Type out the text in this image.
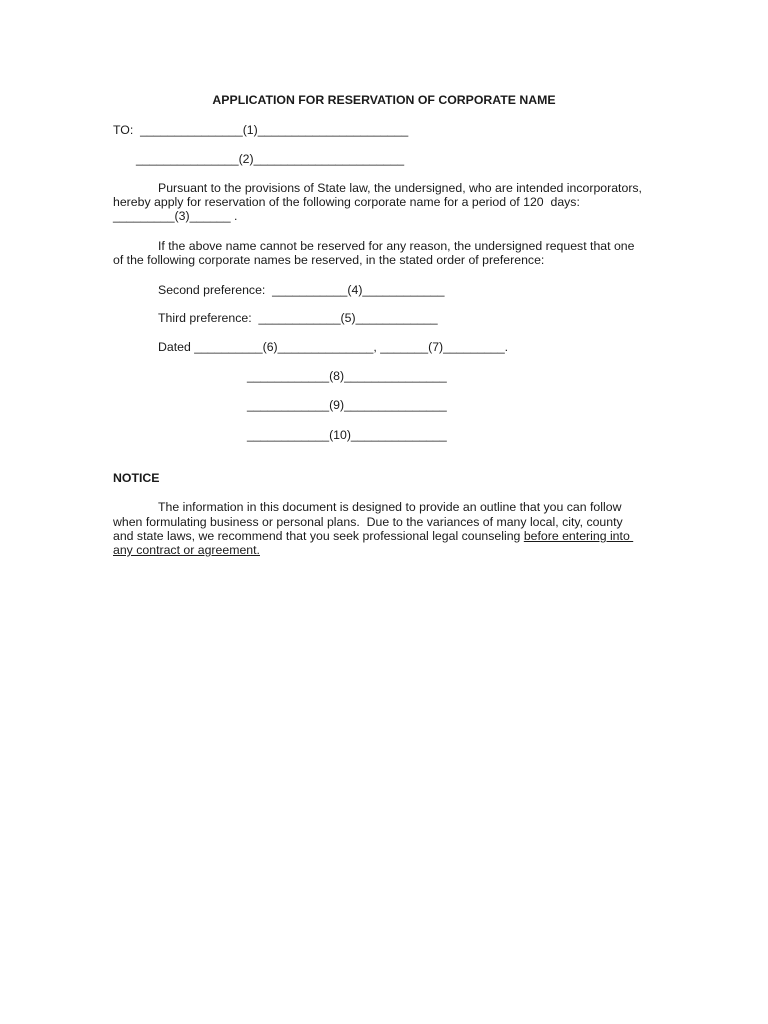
APPLICATION FOR RESERVATION OF CORPORATE NAME
TO:  _______________(1)______________________
_______________(2)______________________
Pursuant to the provisions of State law, the undersigned, who are intended incorporators,
hereby apply for reservation of the following corporate name for a period of 120  days:
_________(3)______ .
If the above name cannot be reserved for any reason, the undersigned request that one
of the following corporate names be reserved, in the stated order of preference:
Second preference:  ___________(4)____________
Third preference:  ____________(5)____________
Dated __________(6)______________, _______(7)_________.
____________(8)_______________
____________(9)_______________
____________(10)______________
NOTICE
The information in this document is designed to provide an outline that you can follow
when formulating business or personal plans.  Due to the variances of many local, city, county
and state laws, we recommend that you seek professional legal counseling before entering into
any contract or agreement.
